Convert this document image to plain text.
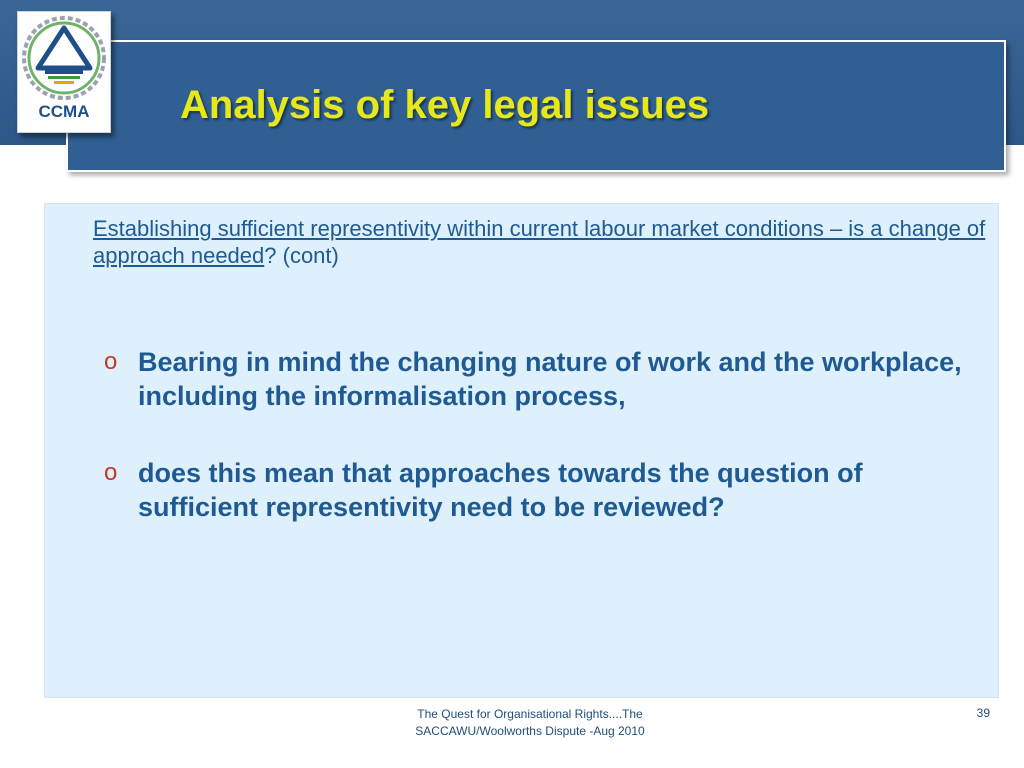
CCMA	Analysis of key legal issues
Establishing sufficient representivity within current labour market conditions – is a change of approach needed? (cont)
o Bearing in mind the changing nature of work and the workplace, including the informalisation process,
o does this mean that approaches towards the question of sufficient representivity need to be reviewed?
The Quest for Organisational Rights....The
SACCAWU/Woolworths Dispute -Aug 2010
39
